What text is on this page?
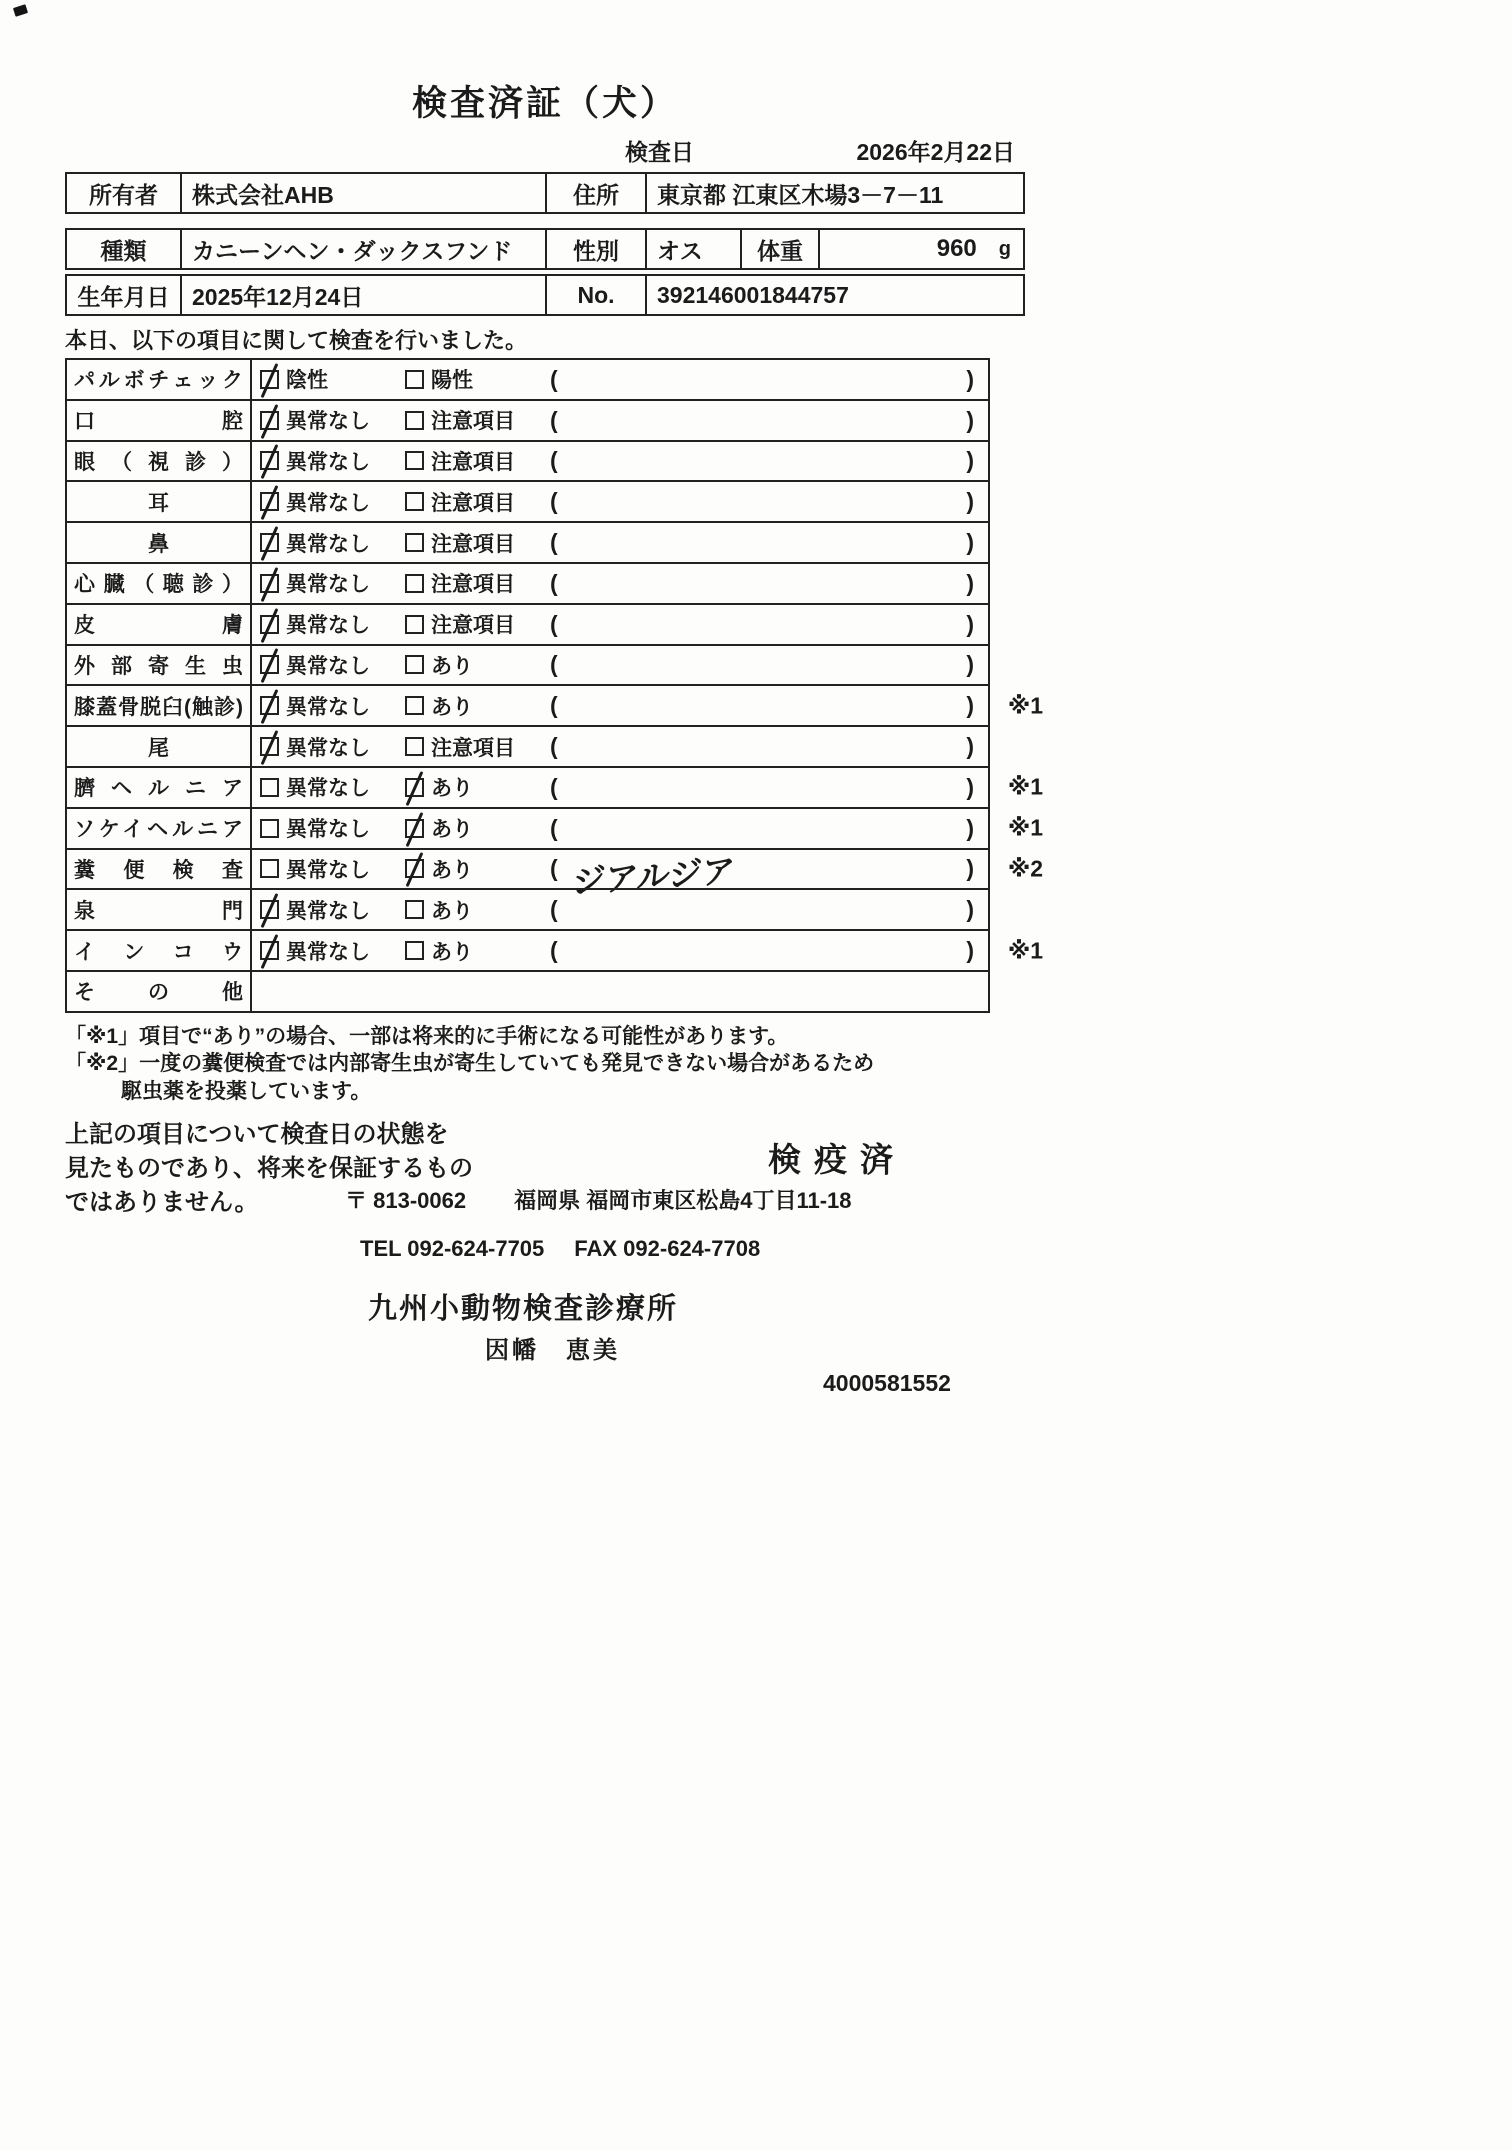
検査済証（犬）
検査日	2026年2月22日
所有者	株式会社AHB	住所	東京都 江東区木場3－7－11
種類	カニーンヘン・ダックスフンド	性別	オス	体重	960 g
生年月日 2025年12月24日	No.	392146001844757
本日、以下の項目に関して検査を行いました。
パルボチェック 陰性	陽性	(	)
口腔 異常なし	注意項目 (	)
眼（視診） 異常なし	注意項目 (	)
耳	異常なし	注意項目 (	)
鼻	異常なし	注意項目 (	)
心臓（聴診） 異常なし	注意項目 (	)
皮膚 異常なし	注意項目 (	)
外部寄生虫 異常なし	あり	(	)
膝蓋骨脱臼(触診) 異常なし	あり	(	) ※1
尾	異常なし	注意項目 (	)
臍ヘルニア 異常なし	あり	(	) ※1
ソケイヘルニア 異常なし	あり	(	) ※1
糞便検査 異常なし	あり	( ジアルジア	) ※2
泉門 異常なし	あり	(	)
インコウ 異常なし	あり	(	) ※1
その他
「※1」項目で“あり”の場合、一部は将来的に手術になる可能性があります。
「※2」一度の糞便検査では内部寄生虫が寄生していても発見できない場合があるため
駆虫薬を投薬しています。
上記の項目について検査日の状態を
見たものであり、将来を保証するもの
ではありません。
検疫済
〒 813-0062 福岡県 福岡市東区松島4丁目11-18
TEL 092-624-7705 FAX 092-624-7708
九州小動物検査診療所
因幡　恵美
4000581552
